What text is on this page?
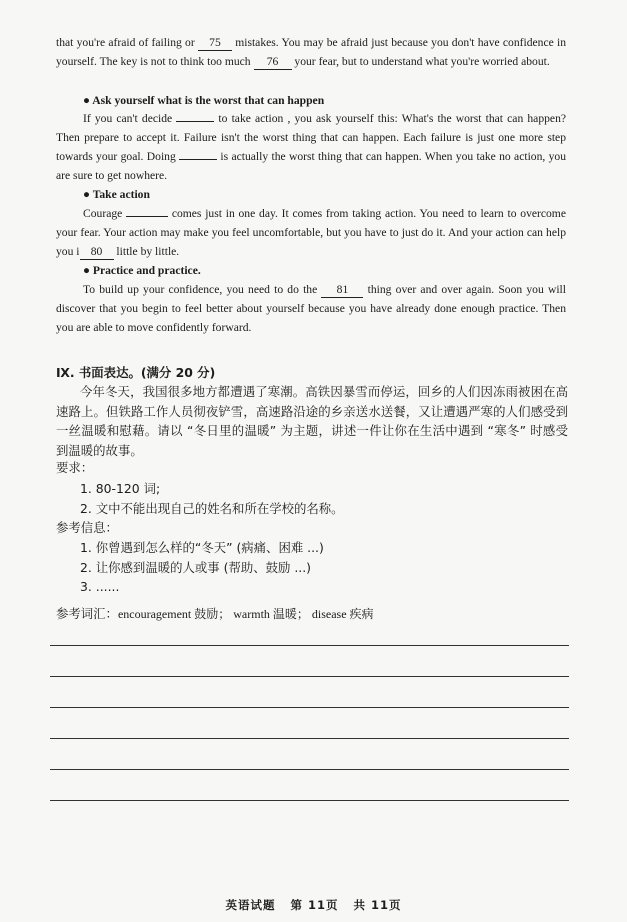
that you're afraid of failing or 75 mistakes. You may be afraid just because you don't have confidence in yourself. The key is not to think too much 76 your fear, but to understand what you're worried about.
● Ask yourself what is the worst that can happen
If you can't decide	to take action , you ask yourself this: What's the worst that can happen? Then prepare to accept it. Failure isn't the worst thing that can happen. Each failure is just one more step towards your goal. Doing	is actually the worst thing that can happen. When you take no action, you are sure to get nowhere.
● Take action
Courage	comes just in one day. It comes from taking action. You need to learn to overcome your fear. Your action may make you feel uncomfortable, but you have to just do it. And your action can help you i 80 little by little.
● Practice and practice.
To build up your confidence, you need to do the 81 thing over and over again. Soon you will discover that you begin to feel better about yourself because you have already done enough practice. Then you are able to move confidently forward.
Ⅸ. 书面表达。(满分 20 分)
今年冬天，我国很多地方都遭遇了寒潮。高铁因暴雪而停运，回乡的人们因冻雨被困在高速路上。但铁路工作人员彻夜铲雪，高速路沿途的乡亲送水送餐，又让遭遇严寒的人们感受到一丝温暖和慰藉。请以 “冬日里的温暖” 为主题，讲述一件让你在生活中遇到 “寒冬” 时感受到温暖的故事。
要求：
1. 80-120 词;
2. 文中不能出现自己的姓名和所在学校的名称。
参考信息：
1. 你曾遇到怎么样的“冬天” (病痛、困难 ...)
2. 让你感到温暖的人或事 (帮助、鼓励 ...)
3. ......
参考词汇：encouragement 鼓励； warmth 温暖； disease 疾病
英语试题 第 11页 共 11页
